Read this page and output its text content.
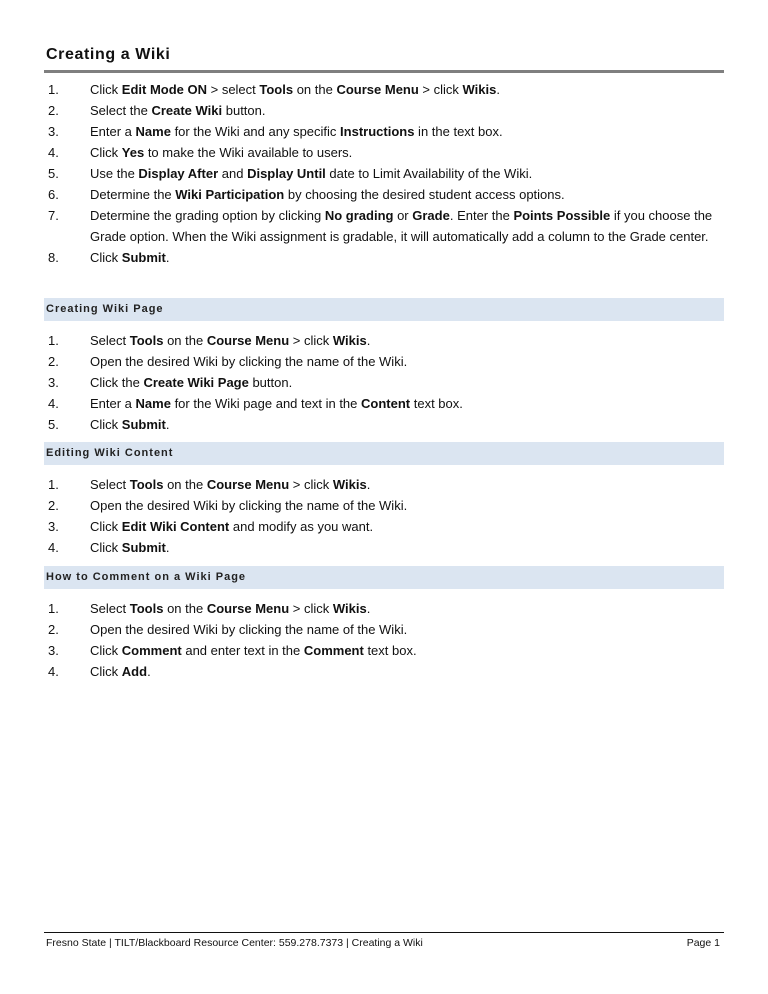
Creating a Wiki
1.	Click Edit Mode ON > select Tools on the Course Menu > click Wikis.
2.	Select the Create Wiki button.
3.	Enter a Name for the Wiki and any specific Instructions in the text box.
4.	Click Yes to make the Wiki available to users.
5.	Use the Display After and Display Until date to Limit Availability of the Wiki.
6.	Determine the Wiki Participation by choosing the desired student access options.
7.	Determine the grading option by clicking No grading or Grade. Enter the Points Possible if you choose the Grade option. When the Wiki assignment is gradable, it will automatically add a column to the Grade center.
8.	Click Submit.
Creating Wiki Page
1.	Select Tools on the Course Menu > click Wikis.
2.	Open the desired Wiki by clicking the name of the Wiki.
3.	Click the Create Wiki Page button.
4.	Enter a Name for the Wiki page and text in the Content text box.
5.	Click Submit.
Editing Wiki Content
1.	Select Tools on the Course Menu > click Wikis.
2.	Open the desired Wiki by clicking the name of the Wiki.
3.	Click Edit Wiki Content and modify as you want.
4.	Click Submit.
How to Comment on a Wiki Page
1.	Select Tools on the Course Menu > click Wikis.
2.	Open the desired Wiki by clicking the name of the Wiki.
3.	Click Comment and enter text in the Comment text box.
4.	Click Add.
Fresno State | TILT/Blackboard Resource Center: 559.278.7373 | Creating a Wiki	Page 1
